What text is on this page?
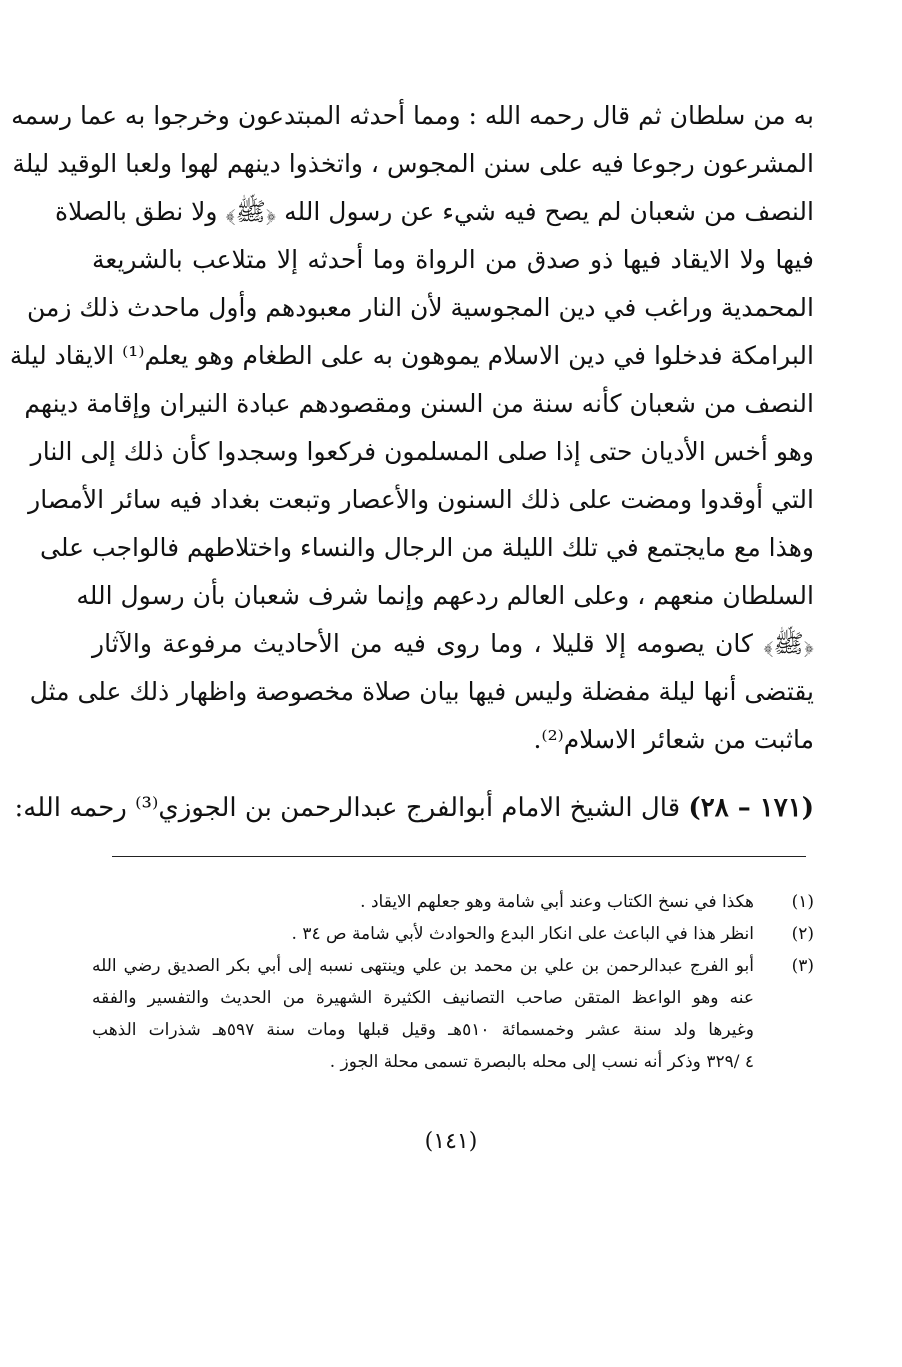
به من سلطان ثم قال رحمه الله : ومما أحدثه المبتدعون وخرجوا به عما رسمه
المشرعون رجوعا فيه على سنن المجوس ، واتخذوا دينهم لهوا ولعبا الوقيد ليلة
النصف من شعبان لم يصح فيه شيء عن رسول الله ﴿ﷺ﴾ ولا نطق بالصلاة
فيها ولا الايقاد فيها ذو صدق من الرواة وما أحدثه إلا متلاعب بالشريعة
المحمدية وراغب في دين المجوسية لأن النار معبودهم وأول ماحدث ذلك زمن
البرامكة فدخلوا في دين الاسلام يموهون به على الطغام وهو يعلم⁽¹⁾ الايقاد ليلة
النصف من شعبان كأنه سنة من السنن ومقصودهم عبادة النيران وإقامة دينهم
وهو أخس الأديان حتى إذا صلى المسلمون فركعوا وسجدوا كأن ذلك إلى النار
التي أوقدوا ومضت على ذلك السنون والأعصار وتبعت بغداد فيه سائر الأمصار
وهذا مع مايجتمع في تلك الليلة من الرجال والنساء واختلاطهم فالواجب على
السلطان منعهم ، وعلى العالم ردعهم وإنما شرف شعبان بأن رسول الله
﴿ﷺ﴾ كان يصومه إلا قليلا ، وما روى فيه من الأحاديث مرفوعة والآثار
يقتضى أنها ليلة مفضلة وليس فيها بيان صلاة مخصوصة واظهار ذلك على مثل
ماثبت من شعائر الاسلام⁽²⁾.
(١٧١ – ٢٨) قال الشيخ الامام أبوالفرج عبدالرحمن بن الجوزي⁽³⁾ رحمه الله:
(١)
هكذا في نسخ الكتاب وعند أبي شامة وهو جعلهم الايقاد .
(٢)
انظر هذا في الباعث على انكار البدع والحوادث لأبي شامة ص ٣٤ .
(٣)
أبو الفرج عبدالرحمن بن علي بن محمد بن علي وينتهى نسبه إلى أبي بكر الصديق رضي الله
عنه وهو الواعظ المتقن صاحب التصانيف الكثيرة الشهيرة من الحديث والتفسير والفقه
وغيرها ولد سنة عشر وخمسمائة ٥١٠هـ وقيل قبلها ومات سنة ٥٩٧هـ شذرات الذهب
٤ /٣٢٩ وذكر أنه نسب إلى محله بالبصرة تسمى محلة الجوز .
(١٤١)
